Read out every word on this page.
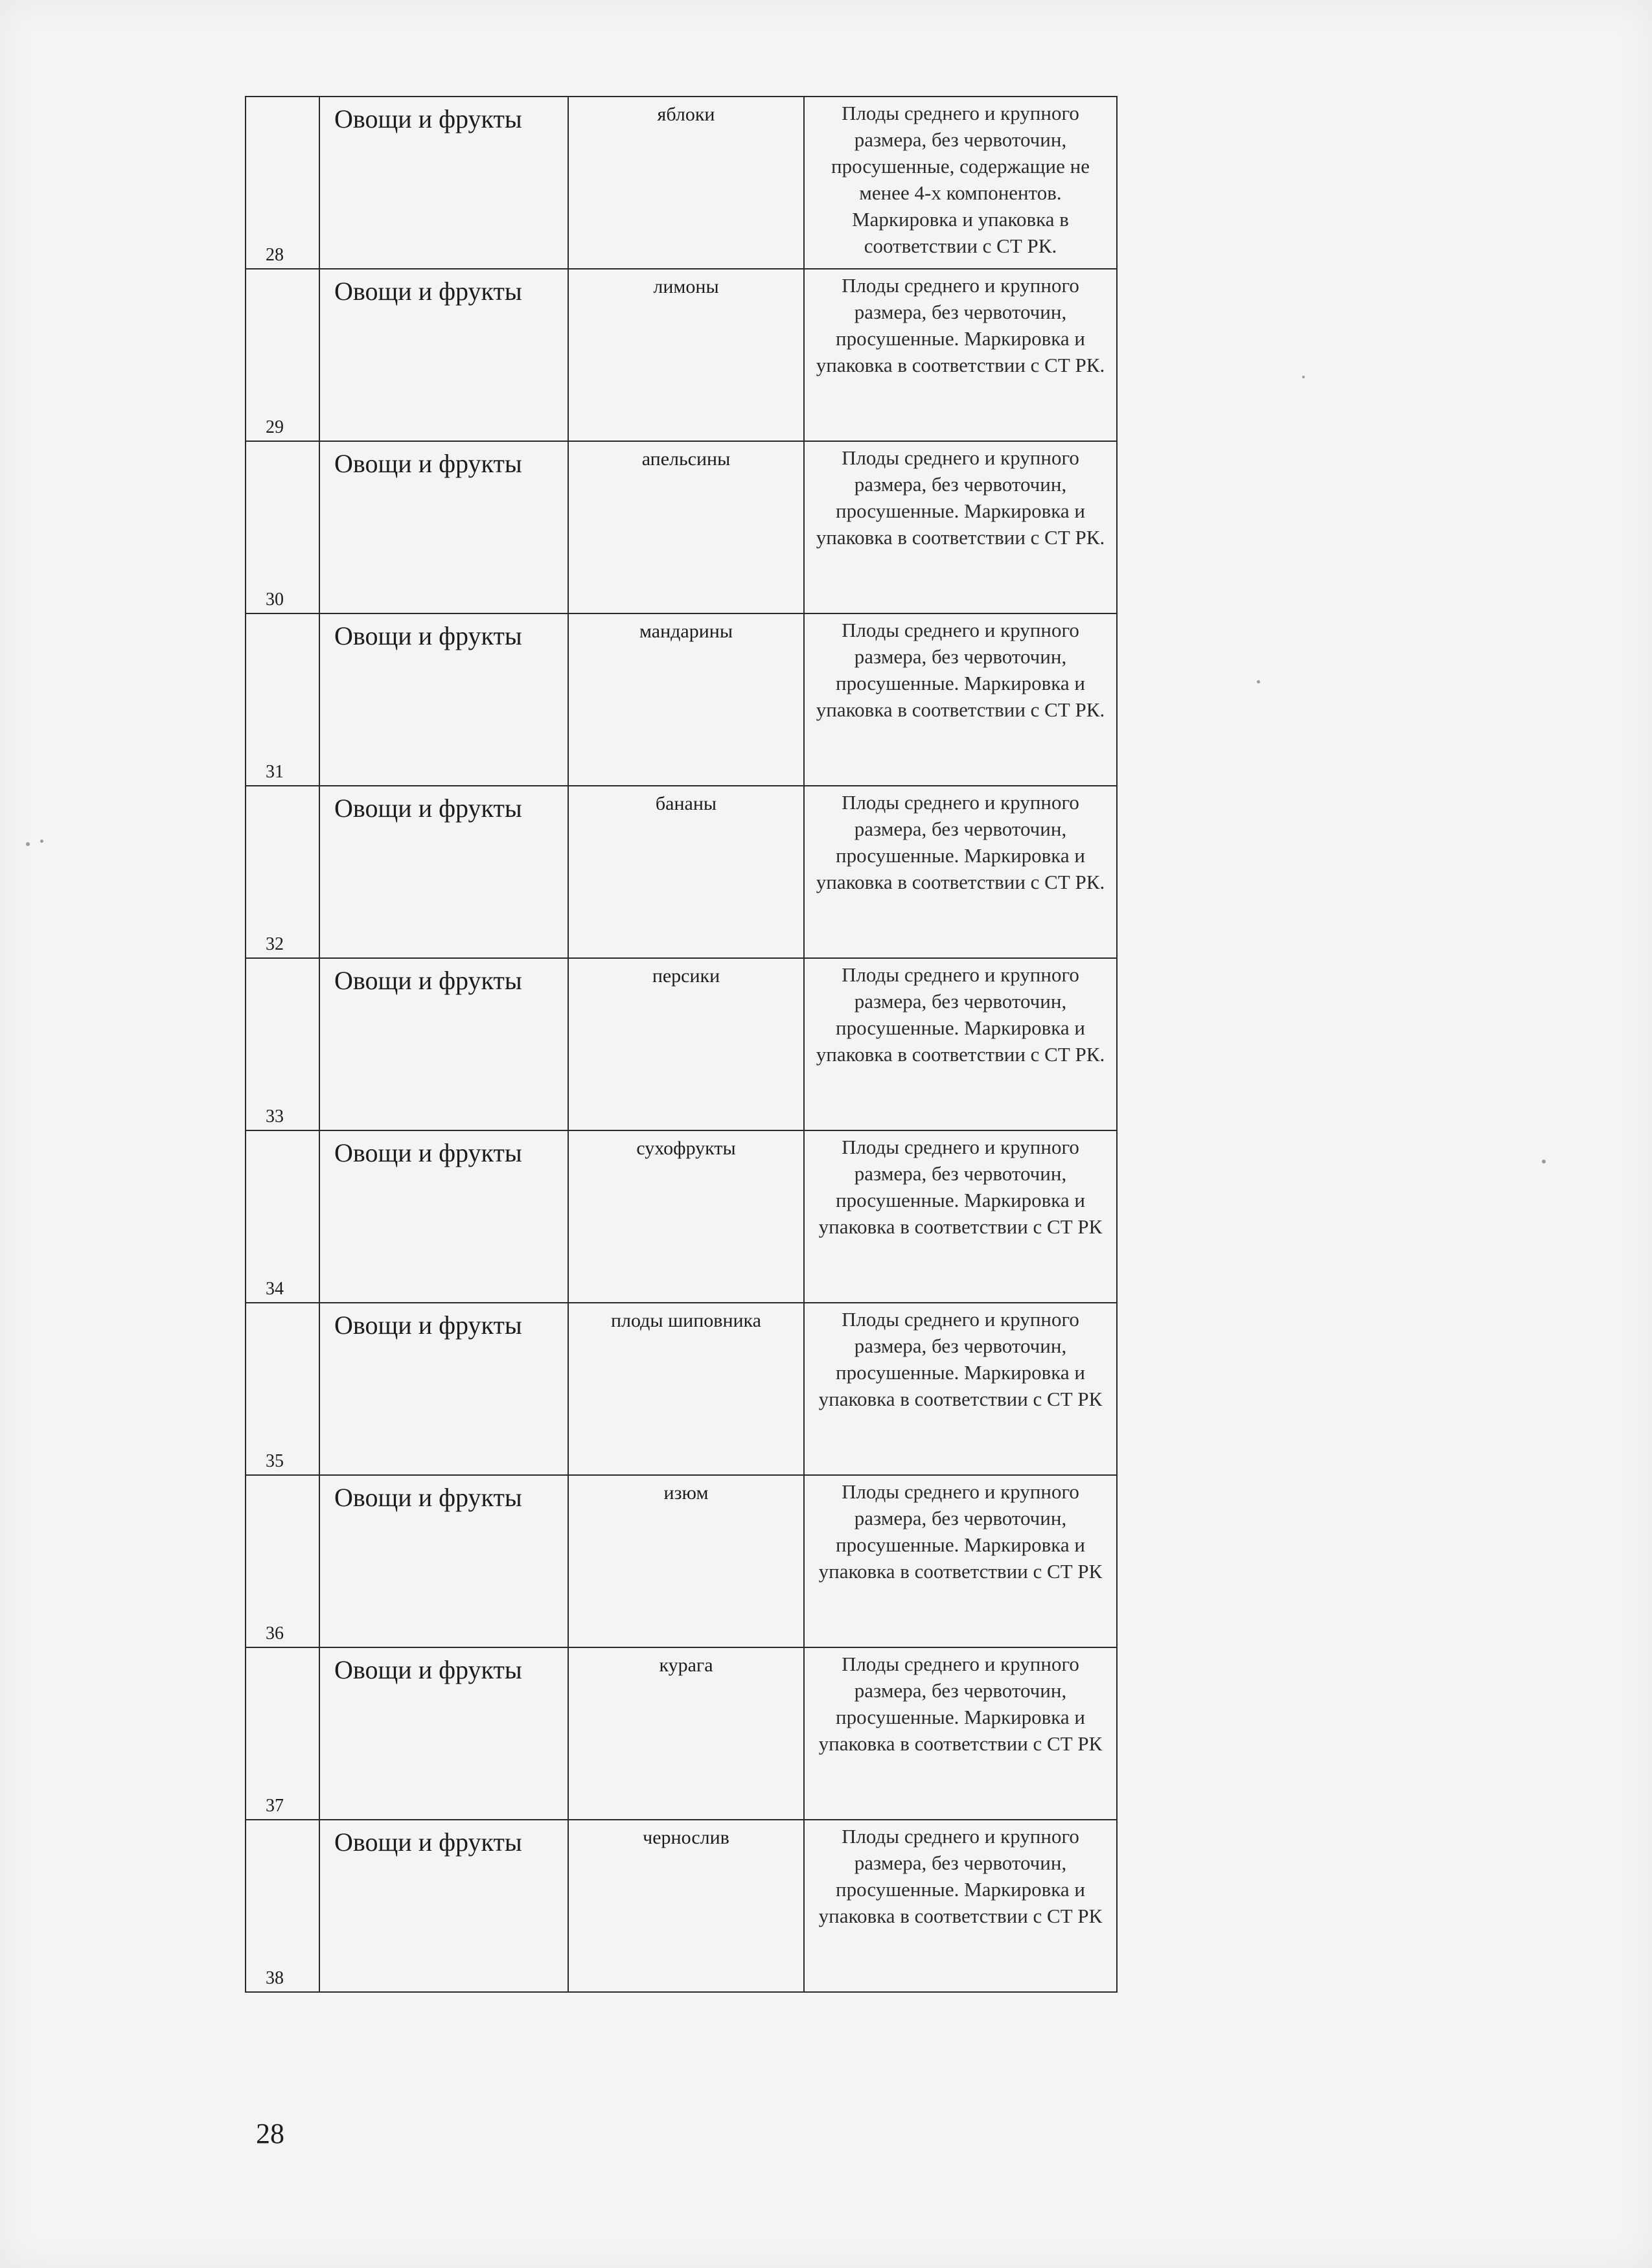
28	Овощи и фрукты	яблоки	Плоды среднего и крупного размера, без червоточин, просушенные, содержащие не менее 4-х компонентов. Маркировка и упаковка в соответствии с СТ РК.

29	Овощи и фрукты	лимоны	Плоды среднего и крупного размера, без червоточин, просушенные. Маркировка и упаковка в соответствии с СТ РК.

30	Овощи и фрукты	апельсины	Плоды среднего и крупного размера, без червоточин, просушенные. Маркировка и упаковка в соответствии с СТ РК.

31	Овощи и фрукты	мандарины	Плоды среднего и крупного размера, без червоточин, просушенные. Маркировка и упаковка в соответствии с СТ РК.

32	Овощи и фрукты	бананы	Плоды среднего и крупного размера, без червоточин, просушенные. Маркировка и упаковка в соответствии с СТ РК.

33	Овощи и фрукты	персики	Плоды среднего и крупного размера, без червоточин, просушенные. Маркировка и упаковка в соответствии с СТ РК.

34	Овощи и фрукты	сухофрукты	Плоды среднего и крупного размера, без червоточин, просушенные. Маркировка и упаковка в соответствии с СТ РК

35	Овощи и фрукты	плоды шиповника	Плоды среднего и крупного размера, без червоточин, просушенные. Маркировка и упаковка в соответствии с СТ РК

36	Овощи и фрукты	изюм	Плоды среднего и крупного размера, без червоточин, просушенные. Маркировка и упаковка в соответствии с СТ РК

37	Овощи и фрукты	курага	Плоды среднего и крупного размера, без червоточин, просушенные. Маркировка и упаковка в соответствии с СТ РК

38	Овощи и фрукты	чернослив	Плоды среднего и крупного размера, без червоточин, просушенные. Маркировка и упаковка в соответствии с СТ РК
28
